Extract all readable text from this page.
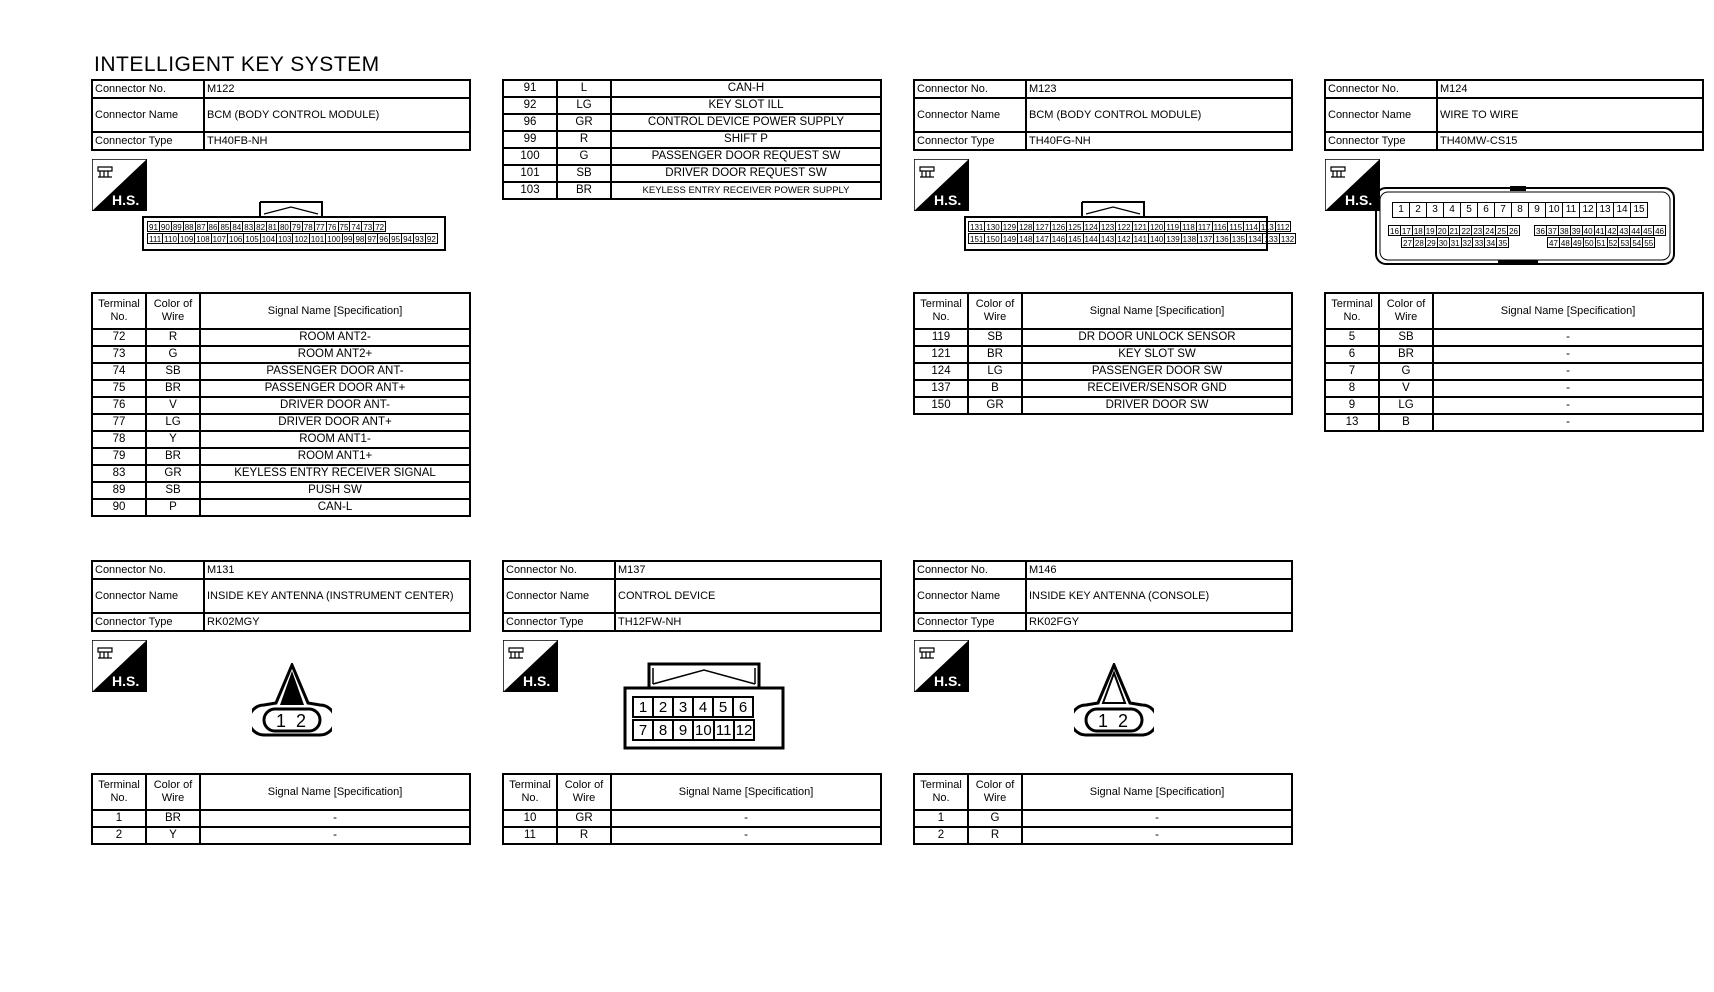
INTELLIGENT KEY SYSTEM
Connector No.	M122
Connector Name	BCM (BODY CONTROL MODULE)
Connector Type	TH40FB-NH
H.S.
91 90 89 88 87 86 85 84 83 82 81 80 79 78 77 76 75 74 73 72
111 110 109 108 107 106 105 104 103 102 101 100 99 98 97 96 95 94 93 92
Terminal No.	Color of Wire	Signal Name [Specification]
72	R	ROOM ANT2-
73	G	ROOM ANT2+
74	SB	PASSENGER DOOR ANT-
75	BR	PASSENGER DOOR ANT+
76	V	DRIVER DOOR ANT-
77	LG	DRIVER DOOR ANT+
78	Y	ROOM ANT1-
79	BR	ROOM ANT1+
83	GR	KEYLESS ENTRY RECEIVER SIGNAL
89	SB	PUSH SW
90	P	CAN-L
91	L	CAN-H
92	LG	KEY SLOT ILL
96	GR	CONTROL DEVICE POWER SUPPLY
99	R	SHIFT P
100	G	PASSENGER DOOR REQUEST SW
101	SB	DRIVER DOOR REQUEST SW
103	BR	KEYLESS ENTRY RECEIVER POWER SUPPLY
Connector No.	M123
Connector Name	BCM (BODY CONTROL MODULE)
Connector Type	TH40FG-NH
H.S.
131 130 129 128 127 126 125 124 123 122 121 120 119 118 117 116 115 114 113 112
151 150 149 148 147 146 145 144 143 142 141 140 139 138 137 136 135 134 133 132
Terminal No.	Color of Wire	Signal Name [Specification]
119	SB	DR DOOR UNLOCK SENSOR
121	BR	KEY SLOT SW
124	LG	PASSENGER DOOR SW
137	B	RECEIVER/SENSOR GND
150	GR	DRIVER DOOR SW
Connector No.	M124
Connector Name	WIRE TO WIRE
Connector Type	TH40MW-CS15
H.S.
1	2	3	4	5	6	7	8	9 10 11 12 13 14 15
16 17 18 19 20 21 22 23 24 25 26
27 28 29 30 31 32 33 34 35
36 37 38 39 40 41 42 43 44 45 46
47 48 49 50 51 52 53 54 55
Terminal No.	Color of Wire	Signal Name [Specification]
5	SB	-
6	BR	-
7	G	-
8	V	-
9	LG	-
13	B	-
Connector No.	M131
Connector Name	INSIDE KEY ANTENNA (INSTRUMENT CENTER)
Connector Type	RK02MGY
H.S.
1 2
Terminal No.	Color of Wire	Signal Name [Specification]
1	BR	-
2	Y	-
Connector No.	M137
Connector Name	CONTROL DEVICE
Connector Type	TH12FW-NH
H.S.
1 2 3 4 5 6
7 8 9 10 11 12
Terminal No.	Color of Wire	Signal Name [Specification]
10	GR	-
11	R	-
Connector No.	M146
Connector Name	INSIDE KEY ANTENNA (CONSOLE)
Connector Type	RK02FGY
H.S.
1 2
Terminal No.	Color of Wire	Signal Name [Specification]
1	G	-
2	R	-
